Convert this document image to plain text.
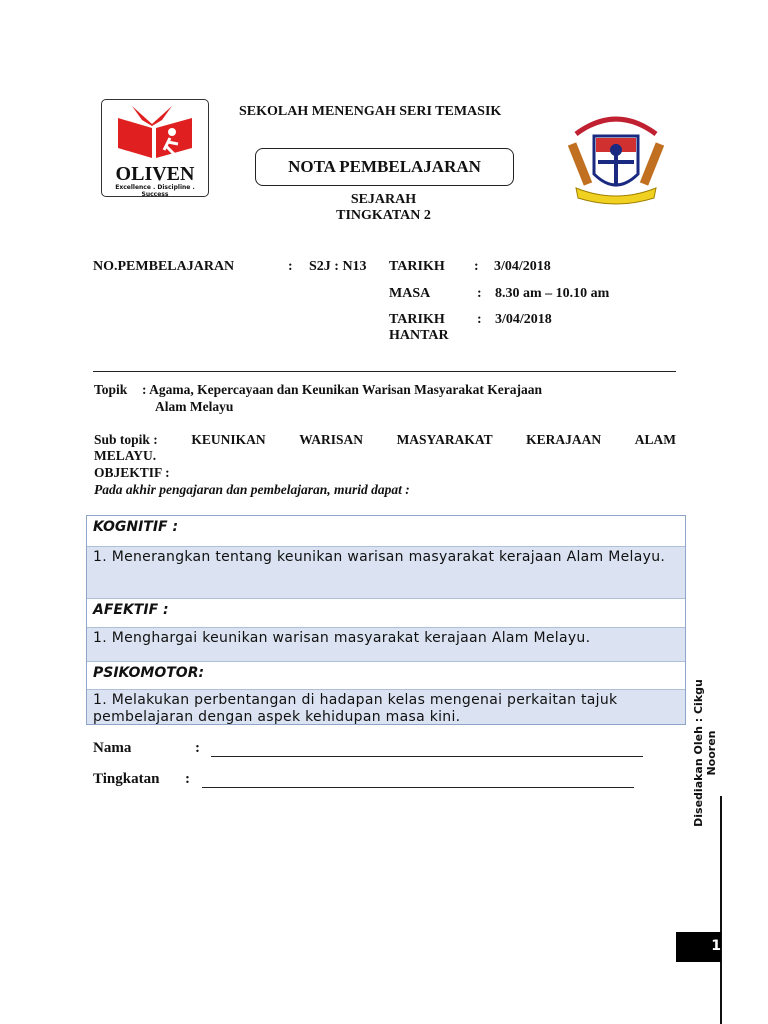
OLIVEN
Excellence . Discipline . Success
SEKOLAH MENENGAH SERI TEMASIK
NOTA PEMBELAJARAN
SEJARAH
TINGKATAN 2
NO.PEMBELAJARAN	: S2J : N13 TARIKH : 3/04/2018
MASA	: 8.30 am – 10.10 am
TARIKH
HANTAR
: 3/04/2018
Topik : Agama, Kepercayaan dan Keunikan Warisan Masyarakat Kerajaan
Alam Melayu
Sub topik : KEUNIKAN WARISAN MASYARAKAT KERAJAAN ALAM
MELAYU.
OBJEKTIF :
Pada akhir pengajaran dan pembelajaran, murid dapat :
KOGNITIF :
1. Menerangkan tentang keunikan warisan masyarakat kerajaan Alam Melayu.
AFEKTIF :
1. Menghargai keunikan warisan masyarakat kerajaan Alam Melayu.
PSIKOMOTOR:
1. Melakukan perbentangan di hadapan kelas mengenai perkaitan tajuk pembelajaran dengan aspek kehidupan masa kini.
Nama	:
Tingkatan :	Disediakan Oleh : Cikgu Nooren
1
